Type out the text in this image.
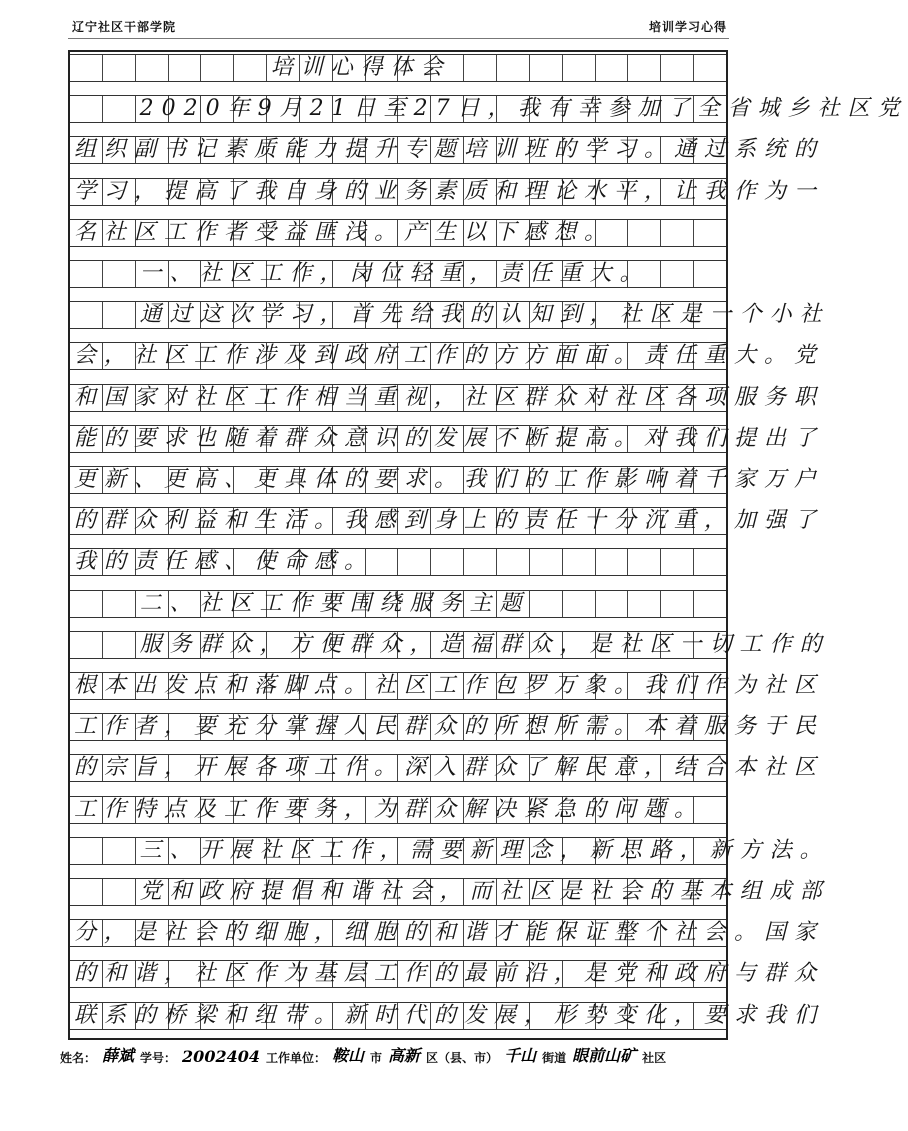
辽宁社区干部学院	培训学习心得
培训心得体会
2020年9月21日至27日，我有幸参加了全省城乡社区党
组织副书记素质能力提升专题培训班的学习。通过系统的
学习，提高了我自身的业务素质和理论水平，让我作为一
名社区工作者受益匪浅。产生以下感想。
一、社区工作，岗位轻重，责任重大。
通过这次学习，首先给我的认知到，社区是一个小社
会，社区工作涉及到政府工作的方方面面。责任重大。党
和国家对社区工作相当重视，社区群众对社区各项服务职
能的要求也随着群众意识的发展不断提高。对我们提出了
更新、更高、更具体的要求。我们的工作影响着千家万户
的群众利益和生活。我感到身上的责任十分沉重，加强了
我的责任感、使命感。
二、社区工作要围绕服务主题
服务群众，方便群众，造福群众，是社区一切工作的
根本出发点和落脚点。社区工作包罗万象。我们作为社区
工作者，要充分掌握人民群众的所想所需。本着服务于民
的宗旨，开展各项工作。深入群众了解民意，结合本社区
工作特点及工作要务，为群众解决紧急的问题。
三、开展社区工作，需要新理念，新思路，新方法。
党和政府提倡和谐社会，而社区是社会的基本组成部
分，是社会的细胞，细胞的和谐才能保证整个社会。国家
的和谐，社区作为基层工作的最前沿，是党和政府与群众
联系的桥梁和纽带。新时代的发展，形势变化，要求我们
姓名： 薛斌 学号： 2002404 工作单位： 鞍山 市 高新 区（县、市） 千山 街道 眼前山矿 社区
